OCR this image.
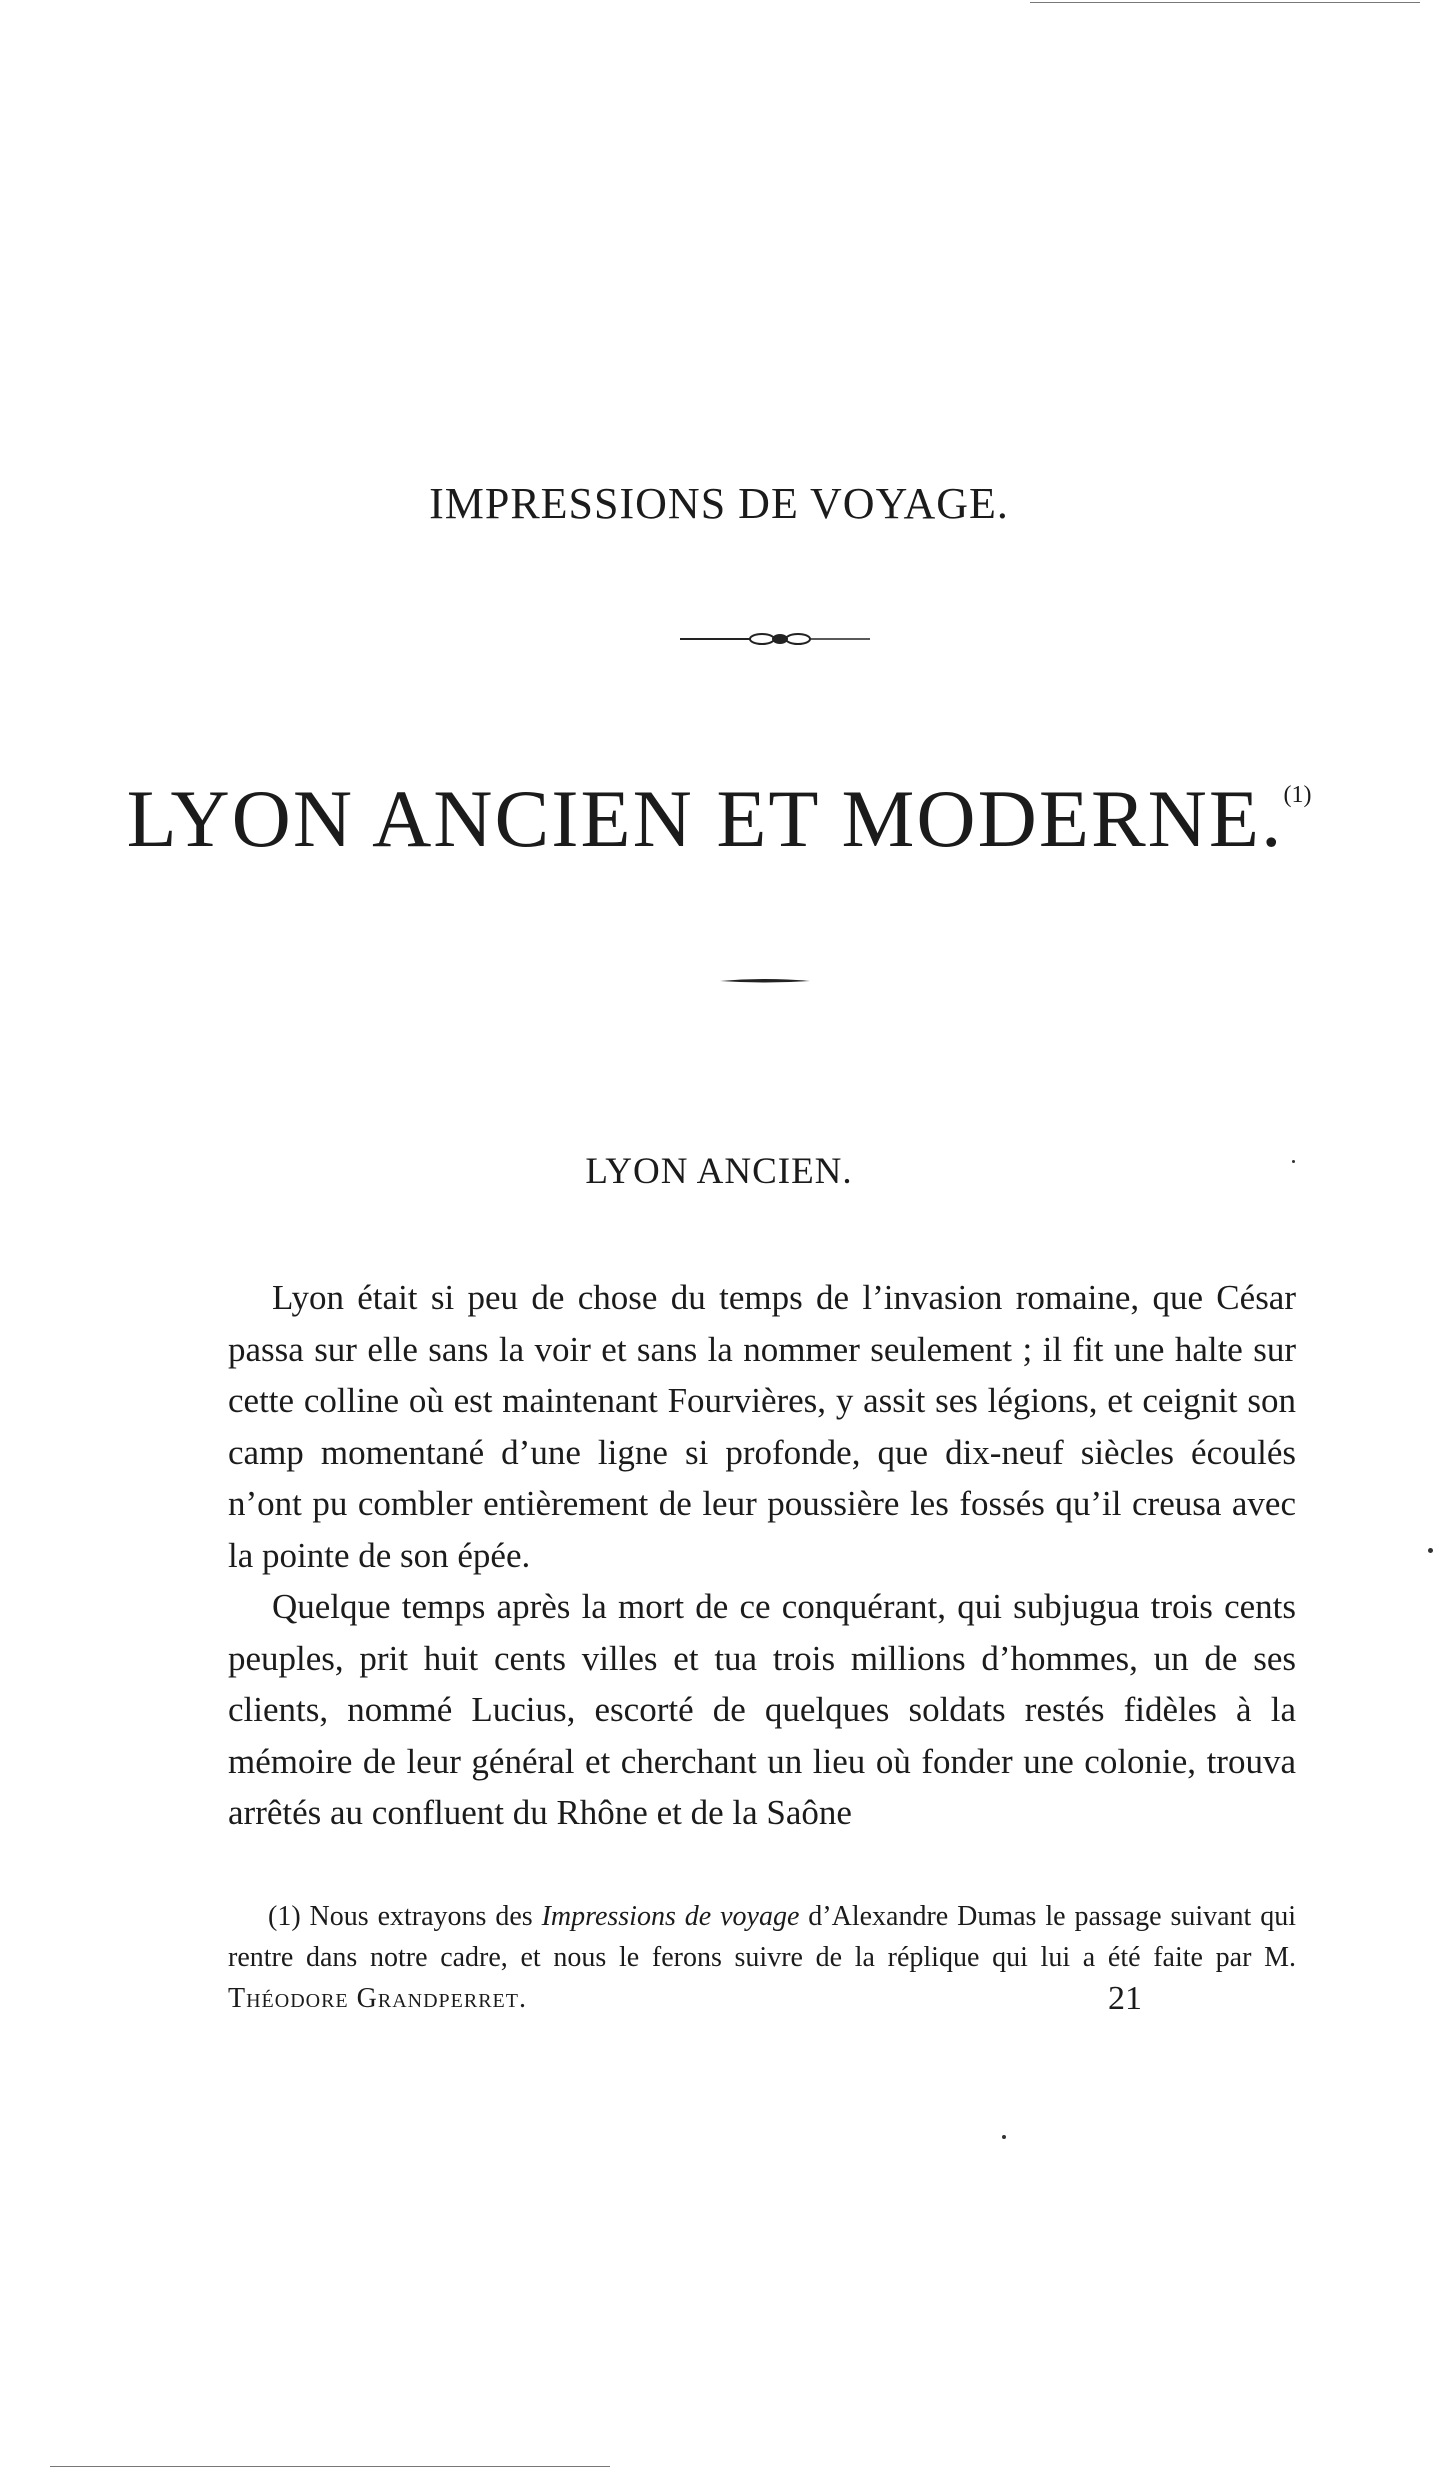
IMPRESSIONS DE VOYAGE.
LYON ANCIEN ET MODERNE.$^{(1)}$
LYON ANCIEN.

Lyon était si peu de chose du temps de l’invasion romaine, que César passa sur elle sans la voir et sans la nommer seulement ; il fit une halte sur cette colline où est maintenant Fourvières, y assit ses légions, et ceignit son camp momentané d’une ligne si profonde, que dix-neuf siècles écoulés n’ont pu combler entièrement de leur poussière les fossés qu’il creusa avec la pointe de son épée.

Quelque temps après la mort de ce conquérant, qui subjugua trois cents peuples, prit huit cents villes et tua trois millions d’hommes, un de ses clients, nommé Lucius, escorté de quelques soldats restés fidèles à la mémoire de leur général et cherchant un lieu où fonder une colonie, trouva arrêtés au confluent du Rhône et de la Saône

(1) Nous extrayons des Impressions de voyage d’Alexandre Dumas le passage suivant qui rentre dans notre cadre, et nous le ferons suivre de la réplique qui lui a été faite par M. Théodore Grandperret.	21
